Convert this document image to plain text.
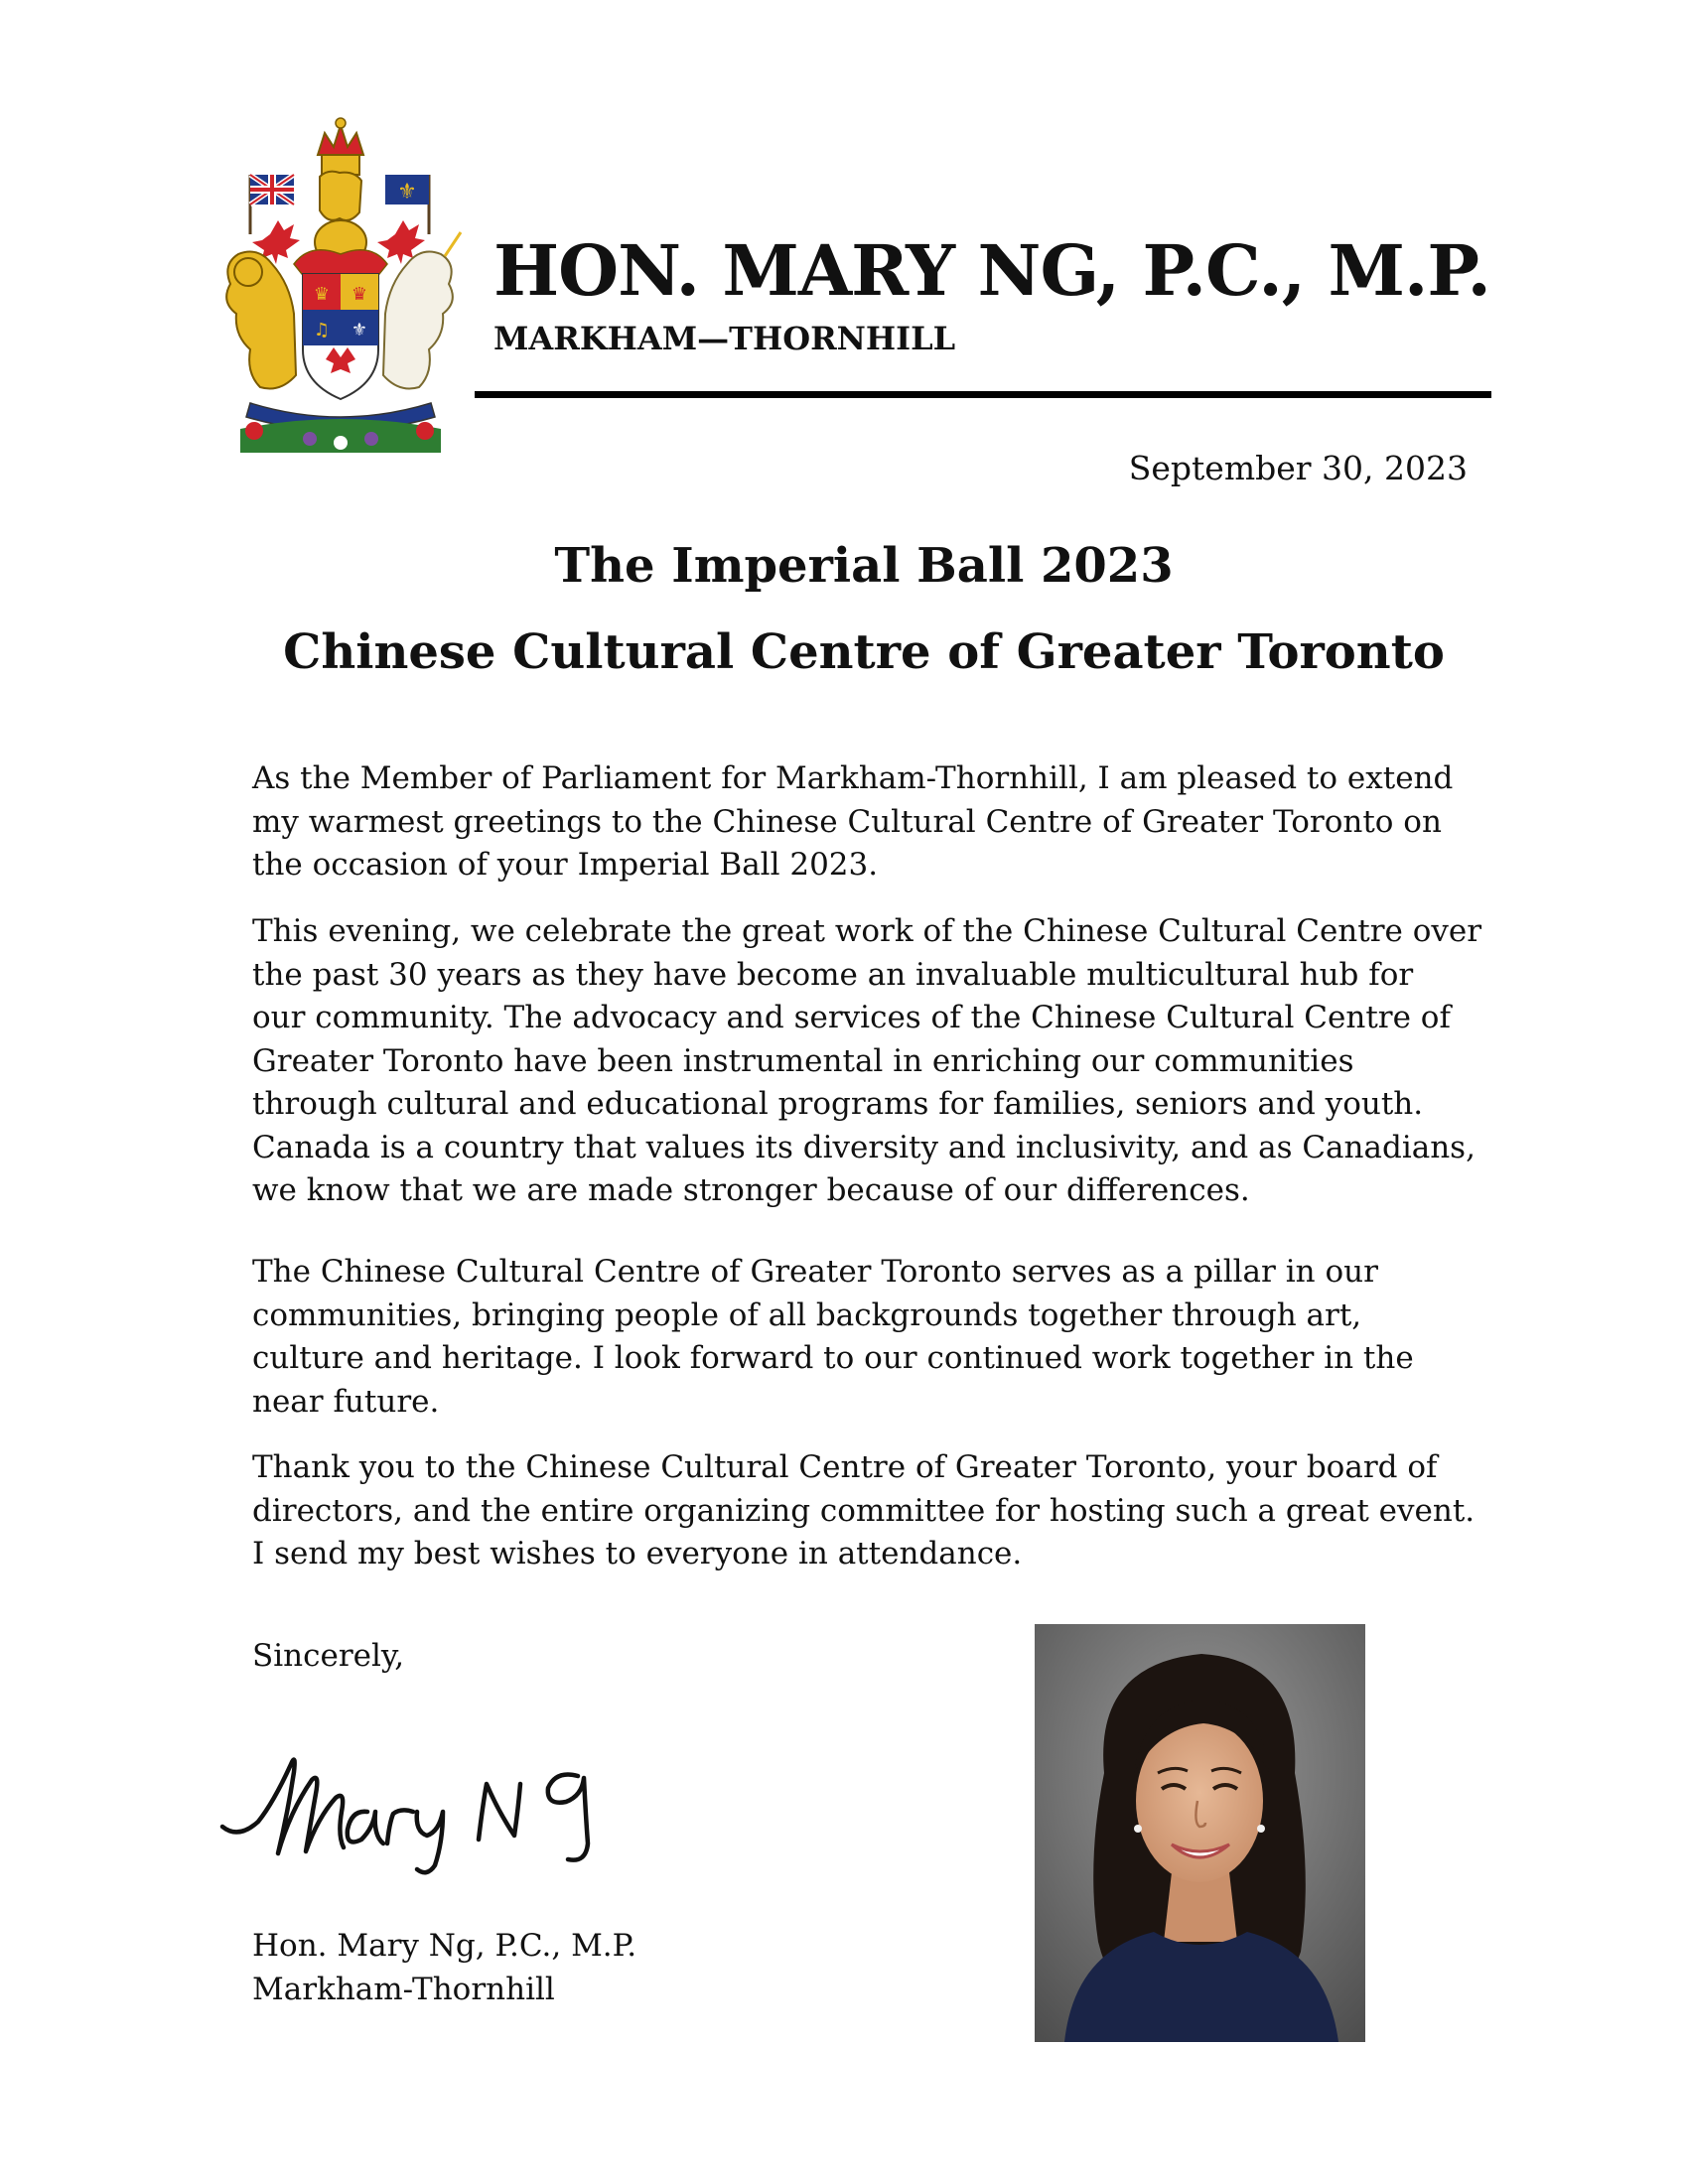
⚜
♛ ♛
♫ ⚜
HON. MARY NG, P.C., M.P.
MARKHAM—THORNHILL
September 30, 2023
The Imperial Ball 2023
Chinese Cultural Centre of Greater Toronto

As the Member of Parliament for Markham-Thornhill, I am pleased to extend
my warmest greetings to the Chinese Cultural Centre of Greater Toronto on
the occasion of your Imperial Ball 2023.

This evening, we celebrate the great work of the Chinese Cultural Centre over
the past 30 years as they have become an invaluable multicultural hub for
our community. The advocacy and services of the Chinese Cultural Centre of
Greater Toronto have been instrumental in enriching our communities
through cultural and educational programs for families, seniors and youth.
Canada is a country that values its diversity and inclusivity, and as Canadians,
we know that we are made stronger because of our differences.

The Chinese Cultural Centre of Greater Toronto serves as a pillar in our
communities, bringing people of all backgrounds together through art,
culture and heritage. I look forward to our continued work together in the
near future.

Thank you to the Chinese Cultural Centre of Greater Toronto, your board of
directors, and the entire organizing committee for hosting such a great event.
I send my best wishes to everyone in attendance.

Sincerely,
Hon. Mary Ng, P.C., M.P.
Markham-Thornhill
